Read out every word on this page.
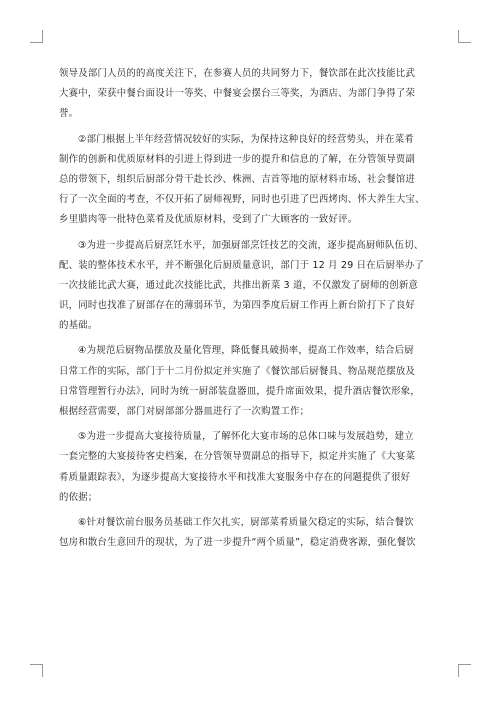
领导及部门人员的的高度关注下，在参赛人员的共同努力下，餐饮部在此次技能比武
大赛中，荣获中餐台面设计一等奖、中餐宴会摆台三等奖，为酒店、为部门争得了荣
誉。
②部门根据上半年经营情况较好的实际，为保持这种良好的经营势头，并在菜肴
制作的创新和优质原材料的引进上得到进一步的提升和信息的了解，在分管领导贾副
总的带领下，组织后厨部分骨干赴长沙、株洲、吉首等地的原材料市场、社会餐馆进
行了一次全面的考查，不仅开拓了厨师视野，同时也引进了巴西烤肉、怀大养生大宝、
乡里腊肉等一批特色菜肴及优质原材料，受到了广大顾客的一致好评。
③为进一步提高后厨烹饪水平，加强厨部烹饪技艺的交流，逐步提高厨师队伍切、
配、装的整体技术水平，并不断强化后厨质量意识，部门于 12 月 29 日在后厨举办了
一次技能比武大赛，通过此次技能比武，共推出新菜 3 道，不仅激发了厨师的创新意
识，同时也找准了厨部存在的薄弱环节，为第四季度后厨工作再上新台阶打下了良好
的基础。
④为规范后厨物品摆放及量化管理，降低餐具破损率，提高工作效率，结合后厨
日常工作的实际，部门于十二月份拟定并实施了《餐饮部后厨餐具、物品规范摆放及
日常管理暂行办法》，同时为统一厨部装盘器皿，提升席面效果，提升酒店餐饮形象，
根据经营需要，部门对厨部部分器皿进行了一次购置工作；
⑤为进一步提高大宴接待质量，了解怀化大宴市场的总体口味与发展趋势，建立
一套完整的大宴接待客史档案，在分管领导贾副总的指导下，拟定并实施了《大宴菜
肴质量跟踪表》，为逐步提高大宴接待水平和找准大宴服务中存在的问题提供了很好
的依据；
⑥针对餐饮前台服务员基础工作欠扎实，厨部菜肴质量欠稳定的实际，结合餐饮
包房和散台生意回升的现状，为了进一步提升“两个质量”，稳定消费客源，强化餐饮
